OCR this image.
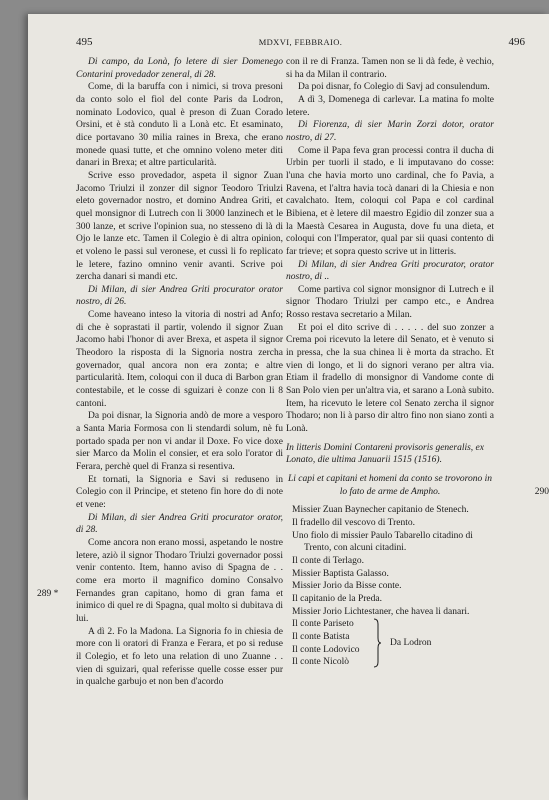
495	MDXVI, FEBBRAIO.	496
289 *
290

Di campo, da Lonà, fo letere di sier Domenego Contarini provedador zeneral, di 28.

Come, di la baruffa con i nimici, si trova presoni da conto solo el fiol del conte Paris da Lodron, nominato Lodovico, qual è preson di Zuan Corado Orsini, et è stà conduto lì a Lonà etc. Et esaminato, dice portavano 30 milia raines in Brexa, che erano monede quasi tutte, et che omnino voleno meter diti danari in Brexa; et altre particularità.

Scrive esso provedador, aspeta il signor Zuan Jacomo Triulzi il zonzer dil signor Teodoro Triulzi eleto governador nostro, et domino Andrea Griti, et quel monsignor di Lutrech con li 3000 lanzinech et le 300 lanze, et scrive l'opinion sua, no stesseno di là di Ojo le lanze etc. Tamen il Colegio è di altra opinion, et voleno le passi sul veronese, et cussì li fo replicato le letere, fazino omnino venir avanti. Scrive poi zercha danari si mandi etc.

Di Milan, di sier Andrea Griti procurator orator nostro, di 26.

Come haveano inteso la vitoria di nostri ad Anfo; di che è soprastati il partir, volendo il signor Zuan Jacomo habi l'honor di aver Brexa, et aspeta il signor Theodoro la risposta di la Signoria nostra zercha governador, qual ancora non era zonta; e altre particularità. Item, coloqui con il duca di Barbon gran contestabile, et le cosse di sguizari è conze con li 8 cantoni.

Da poi disnar, la Signoria andò de more a vesporo a Santa Maria Formosa con li stendardi solum, nè fu portado spada per non vi andar il Doxe. Fo vice doxe sier Marco da Molin el consier, et era solo l'orator di Ferara, perchè quel di Franza si resentiva.

Et tornati, la Signoria e Savi si reduseno in Colegio con il Principe, et steteno fin hore do di note et vene:

Di Milan, di sier Andrea Griti procurator orator, di 28.

Come ancora non erano mossi, aspetando le nostre letere, aziò il signor Thodaro Triulzi governador possi venir contento. Item, hanno aviso di Spagna de . . come era morto il magnifico domino Consalvo Fernandes gran capitano, homo di gran fama et inimico di quel re di Spagna, qual molto si dubitava di lui.

A dì 2. Fo la Madona. La Signoria fo in chiesia de more con li oratori di Franza e Ferara, et po si reduse il Colegio, et fo leto una relation di uno Zuanne . . vien di sguizari, qual referisse quelle cosse esser pur in qualche garbujo et non ben d'acordo

con il re di Franza. Tamen non se li dà fede, è vechio, si ha da Milan il contrario.

Da poi disnar, fo Colegio di Savj ad consulendum.

A dì 3, Domenega di carlevar. La matina fo molte letere.

Di Fiorenza, di sier Marin Zorzi dotor, orator nostro, di 27.

Come il Papa feva gran processi contra il ducha di Urbin per tuorli il stado, e li imputavano do cosse: l'una che havia morto uno cardinal, che fo Pavia, a Ravena, et l'altra havia tocà danari di la Chiesia e non cavalchato. Item, coloqui col Papa e col cardinal Bibiena, et è letere dil maestro Egidio dil zonzer sua a la Maestà Cesarea in Augusta, dove fu una dieta, et coloqui con l'Imperator, qual par sii quasi contento di far trieve; et sopra questo scrive ut in litteris.

Di Milan, di sier Andrea Griti procurator, orator nostro, di ..

Come partiva col signor monsignor di Lutrech e il signor Thodaro Triulzi per campo etc., e Andrea Rosso restava secretario a Milan.

Et poi el dito scrive di . . . . . del suo zonzer a Crema poi ricevuto la letere dil Senato, et è venuto si in pressa, che la sua chinea li è morta da stracho. Et vien di longo, et li do signori verano per altra via. Etiam il fradello di monsignor di Vandome conte di San Polo vien per un'altra via, et sarano a Lonà subito. Item, ha ricevuto le letere col Senato zercha il signor Thodaro; non li à parso dir altro fino non siano zonti a Lonà.

In litteris Domini Contareni provisoris generalis, ex Lonato, die ultima Januarii 1515 (1516).

Li capi et capitani et homeni da conto se trovorono in lo fato de arme de Ampho.

Missier Zuan Baynecher capitanio de Stenech.
Il fradello dil vescovo di Trento.
Uno fiolo di missier Paulo Tabarello citadino di
Trento, con alcuni citadini.
Il conte di Terlago.
Missier Baptista Galasso.
Missier Jorio da Bisse conte.
Il capitanio de la Preda.
Missier Jorio Lichtestaner, che havea li danari.
Il conte Pariseto
Il conte Batista
Il conte Lodovico
Il conte Nicolò
Da Lodron
